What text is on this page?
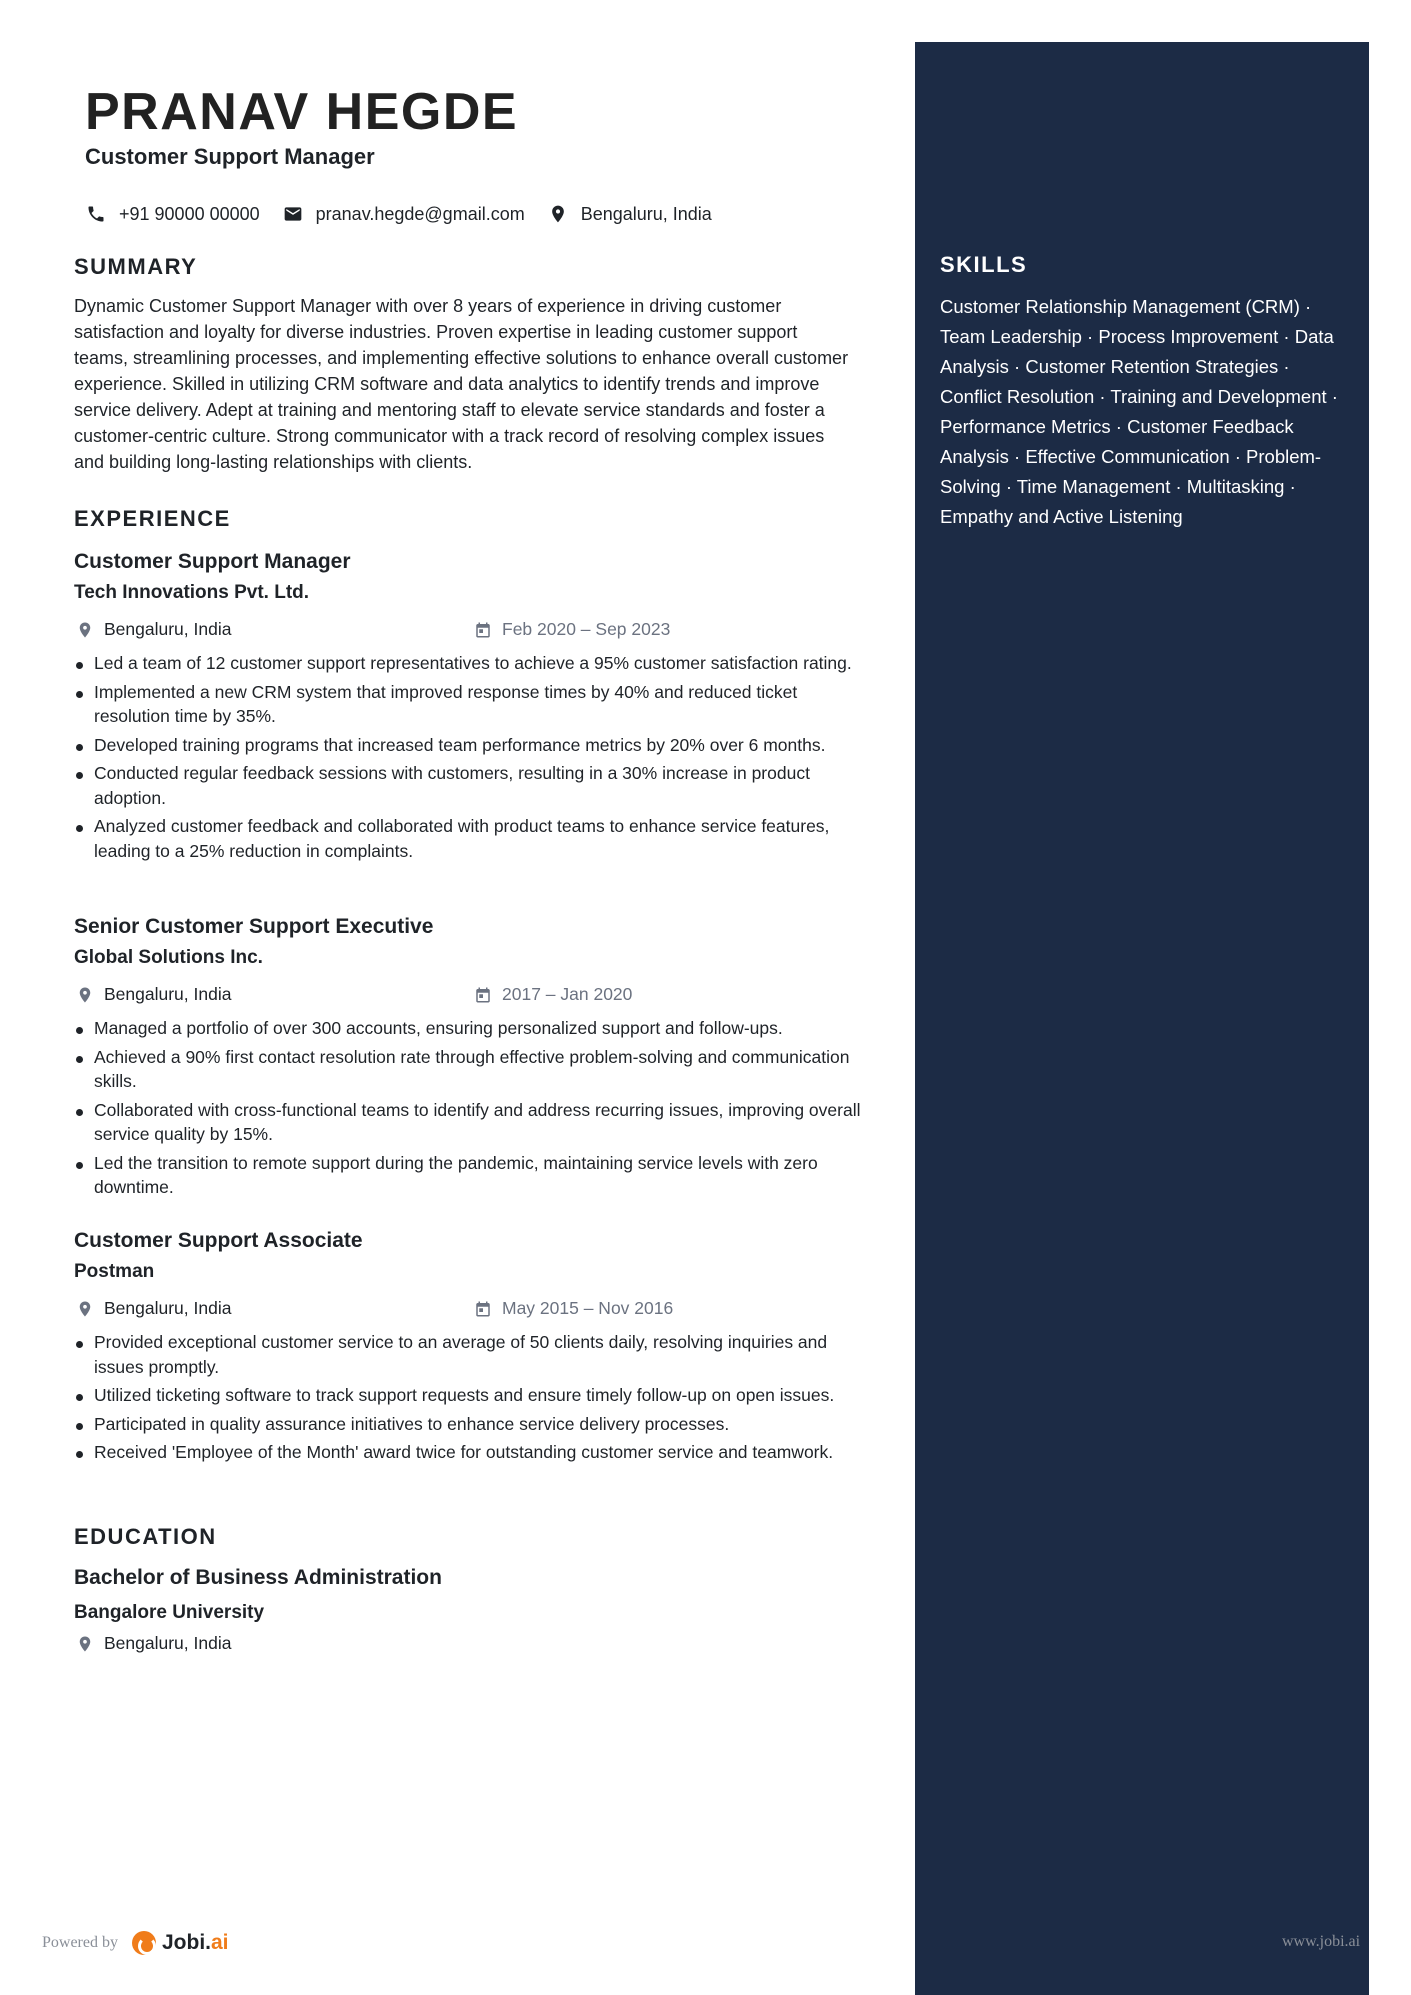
SKILLS
Customer Relationship Management (CRM) · Team Leadership · Process Improvement · Data Analysis · Customer Retention Strategies · Conflict Resolution · Training and Development · Performance Metrics · Customer Feedback Analysis · Effective Communication · Problem-Solving · Time Management · Multitasking · Empathy and Active Listening
PRANAV HEGDE
Customer Support Manager
+91 90000 00000	pranav.hegde@gmail.com	Bengaluru, India
SUMMARY

Dynamic Customer Support Manager with over 8 years of experience in driving customer satisfaction and loyalty for diverse industries. Proven expertise in leading customer support teams, streamlining processes, and implementing effective solutions to enhance overall customer experience. Skilled in utilizing CRM software and data analytics to identify trends and improve service delivery. Adept at training and mentoring staff to elevate service standards and foster a customer-centric culture. Strong communicator with a track record of resolving complex issues and building long-lasting relationships with clients.

EXPERIENCE
Customer Support Manager
Tech Innovations Pvt. Ltd.
Bengaluru, India	Feb 2020 – Sep 2023
Led a team of 12 customer support representatives to achieve a 95% customer satisfaction rating.
Implemented a new CRM system that improved response times by 40% and reduced ticket resolution time by 35%.
Developed training programs that increased team performance metrics by 20% over 6 months.
Conducted regular feedback sessions with customers, resulting in a 30% increase in product adoption.
Analyzed customer feedback and collaborated with product teams to enhance service features, leading to a 25% reduction in complaints.
Senior Customer Support Executive
Global Solutions Inc.
Bengaluru, India	2017 – Jan 2020
Managed a portfolio of over 300 accounts, ensuring personalized support and follow-ups.
Achieved a 90% first contact resolution rate through effective problem-solving and communication skills.
Collaborated with cross-functional teams to identify and address recurring issues, improving overall service quality by 15%.
Led the transition to remote support during the pandemic, maintaining service levels with zero downtime.
Customer Support Associate
Postman
Bengaluru, India	May 2015 – Nov 2016
Provided exceptional customer service to an average of 50 clients daily, resolving inquiries and issues promptly.
Utilized ticketing software to track support requests and ensure timely follow-up on open issues.
Participated in quality assurance initiatives to enhance service delivery processes.
Received 'Employee of the Month' award twice for outstanding customer service and teamwork.
EDUCATION
Bachelor of Business Administration
Bangalore University
Bengaluru, India
Powered by Jobi.ai	www.jobi.ai
